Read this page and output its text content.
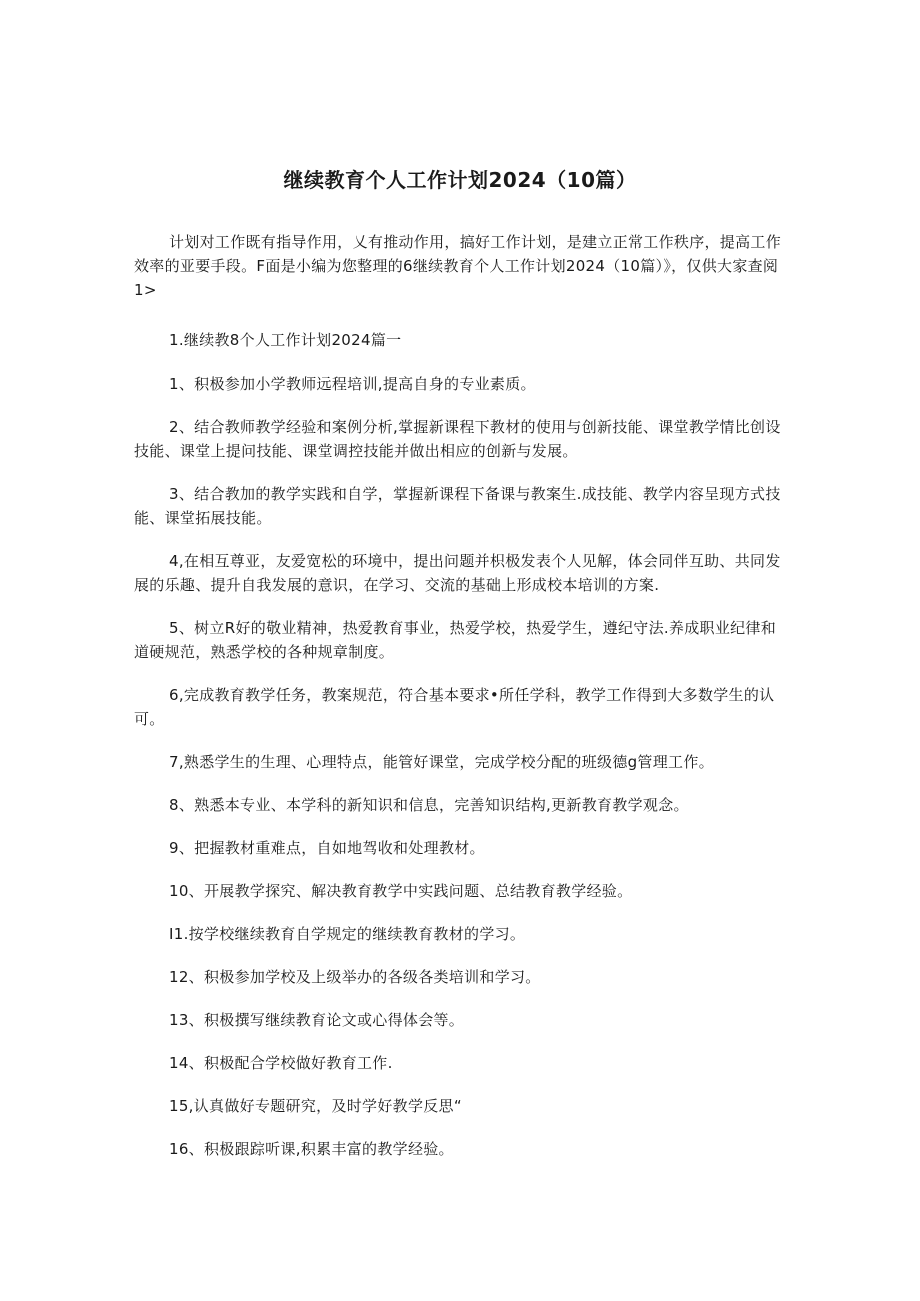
继续教育个人工作计划2024（10篇）

计划对工作既有指导作用，乂有推动作用，搞好工作计划，是建立正常工作秩序，提高工作效率的亚要手段。F面是小编为您整理的6继续教育个人工作计划2024（10篇）》，仅供大家查阅1>

1.继续教8个人工作计划2024篇一

1、积极参加小学教师远程培训,提高自身的专业素质。

2、结合教师教学经验和案例分析,掌握新课程下教材的使用与创新技能、课堂教学情比创设技能、课堂上提问技能、课堂调控技能并做出相应的创新与发展。

3、结合教加的教学实践和自学，掌握新课程下备课与教案生.成技能、教学内容呈现方式技能、课堂拓展技能。

4,在相互尊亚，友爱宽松的环境中，提出问题并枳极发表个人见解，体会同伴互助、共同发展的乐趣、提升自我发展的意识，在学习、交流的基础上形成校本培训的方案.

5、树立R好的敬业精神，热爱教育事业，热爱学校，热爱学生，遵纪守法.养成职业纪律和道硬规范，熟悉学校的各种规章制度。

6,完成教育教学任务，教案规范，符合基本要求•所任学科，教学工作得到大多数学生的认可。

7,熟悉学生的生理、心理特点，能管好课堂，完成学校分配的班级德g管理工作。

8、熟悉本专业、本学科的新知识和信息，完善知识结构,更新教育教学观念。

9、把握教材重难点，自如地驾收和处理教材。

10、开展教学探究、解决教育教学中实践问题、总结教育教学经验。

I1.按学校继续教育自学规定的继续教育教材的学习。

12、积极参加学校及上级举办的各级各类培训和学习。

13、积极撰写继续教育论文或心得体会等。

14、积极配合学校做好教育工作.

15,认真做好专题研究，及时学好教学反思“

16、积极跟踪听课,积累丰富的教学经验。
